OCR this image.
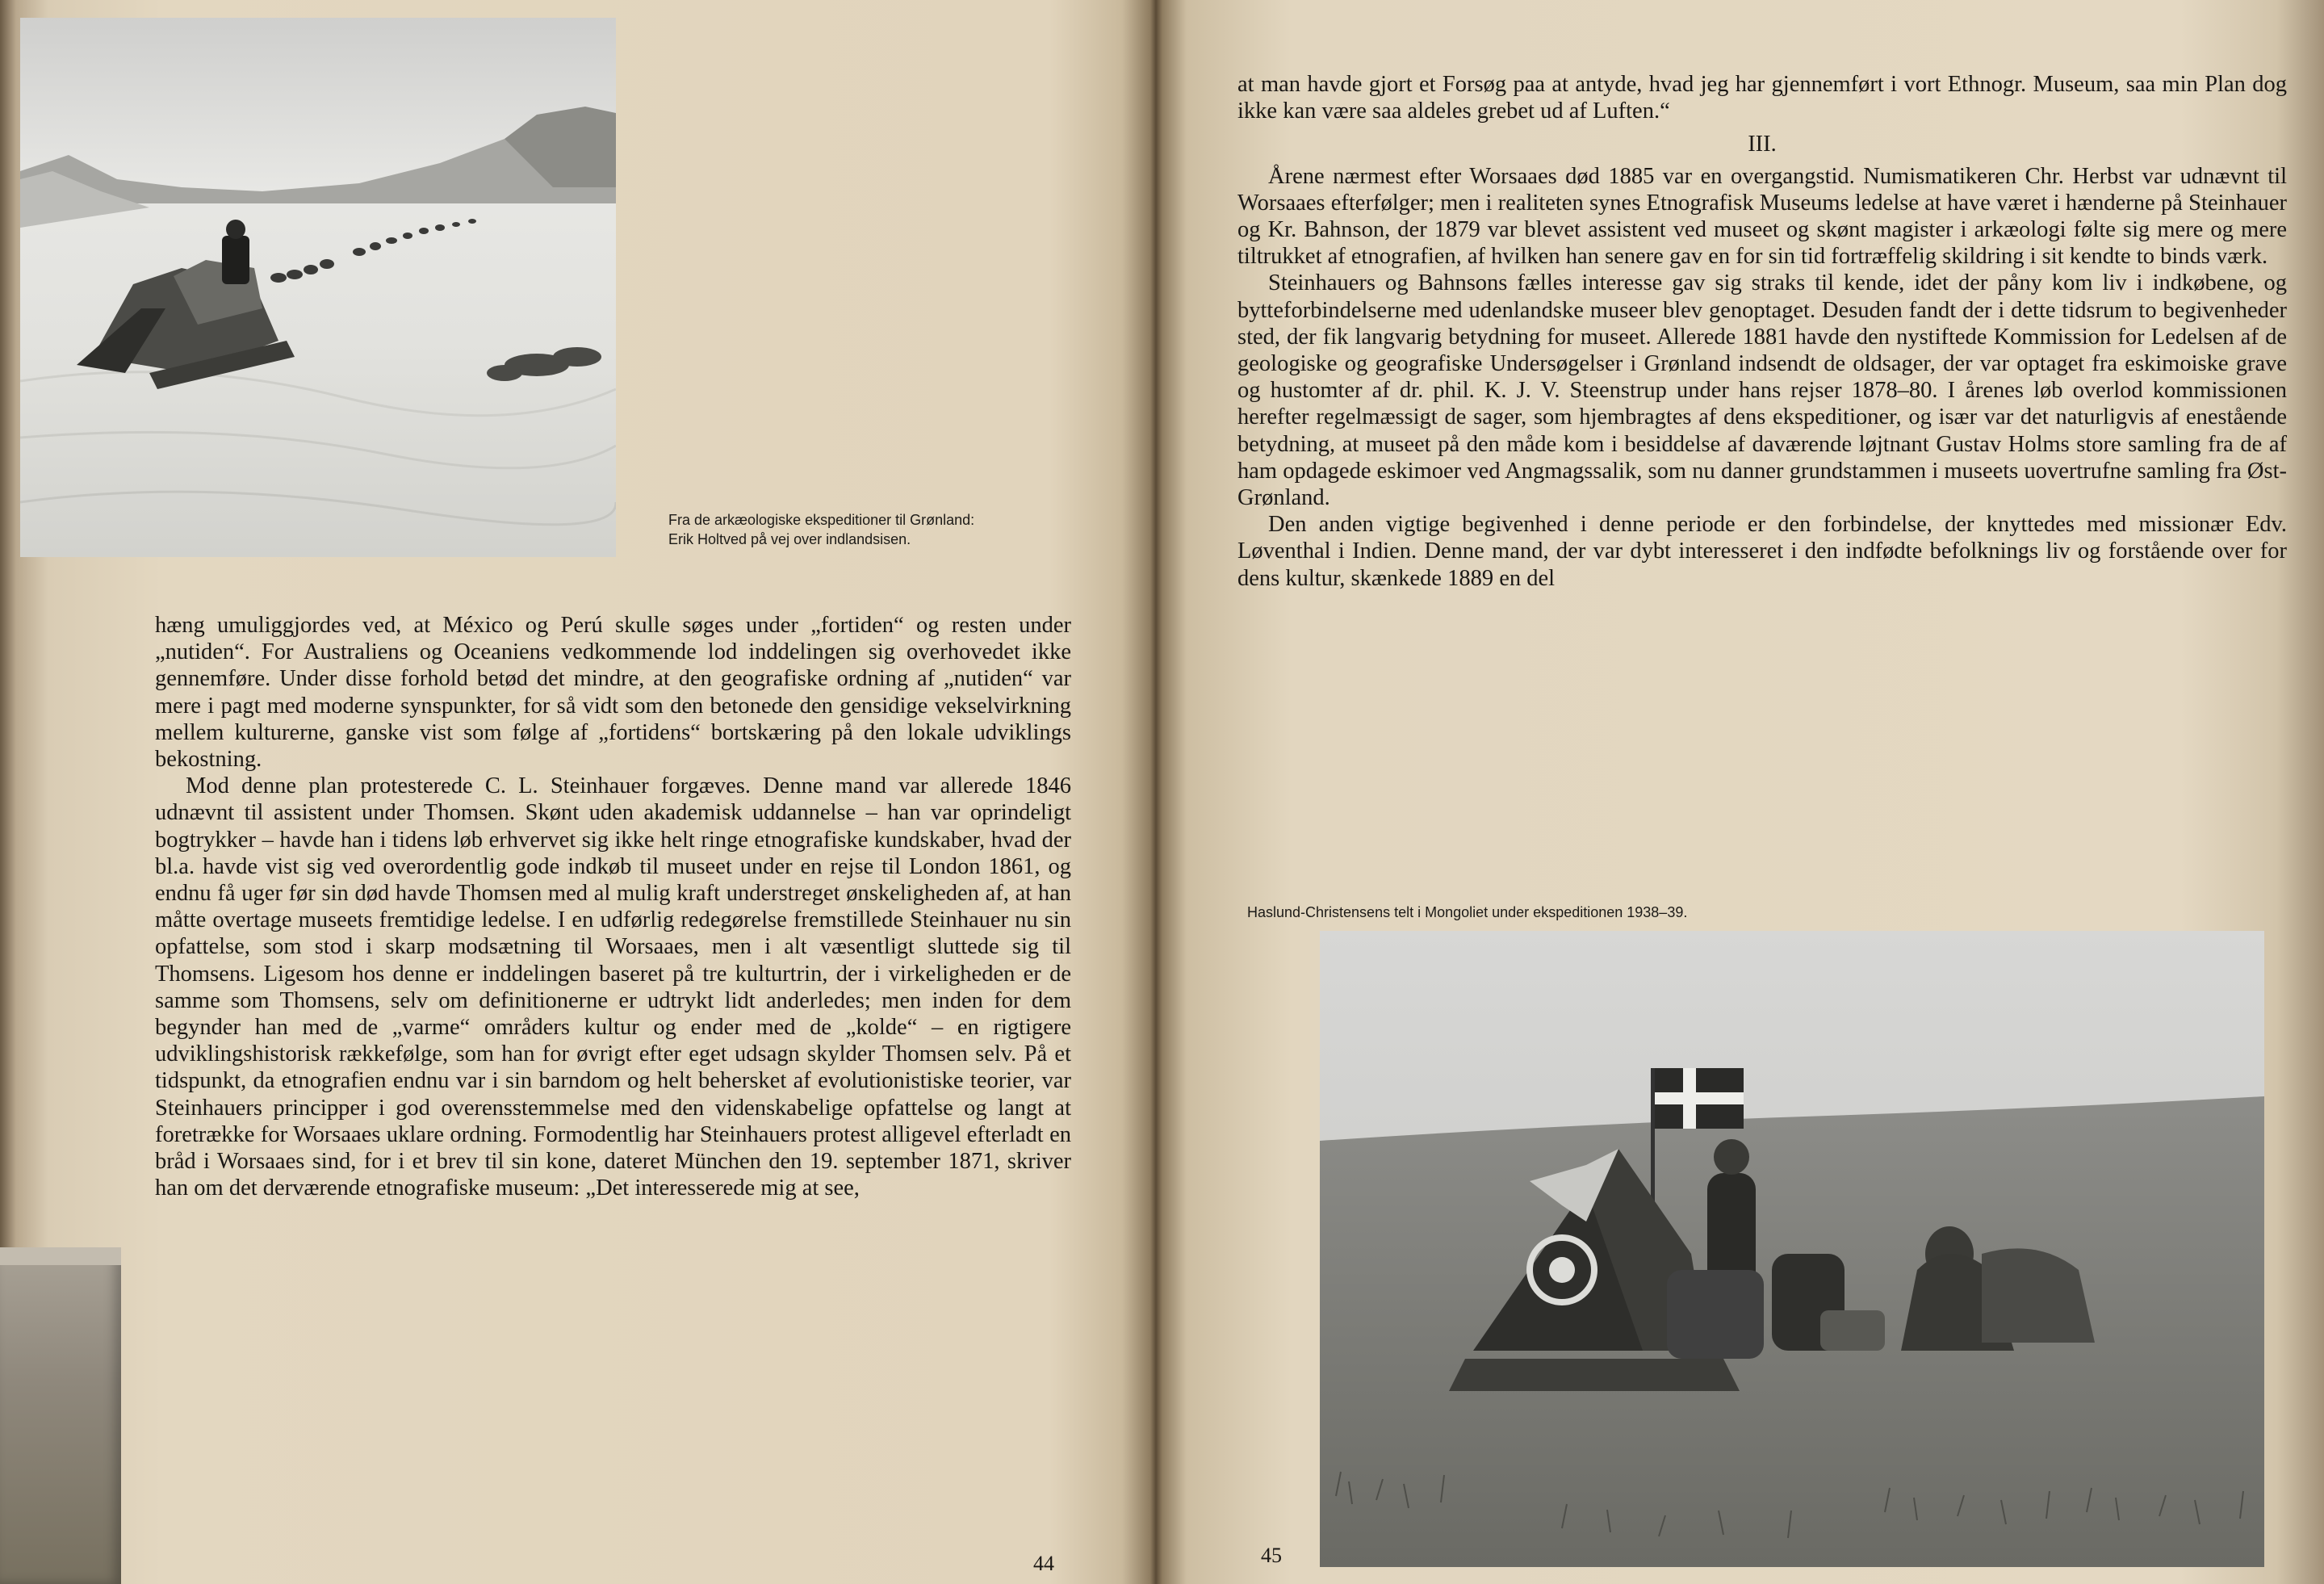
Fra de arkæologiske ekspeditioner til Grønland:
Erik Holtved på vej over indlandsisen.

hæng umuliggjordes ved, at México og Perú skulle søges under „fortiden“ og resten under „nutiden“. For Australiens og Oceaniens vedkommende lod inddelingen sig overhovedet ikke gennemføre. Under disse forhold betød det mindre, at den geografiske ordning af „nutiden“ var mere i pagt med moderne synspunkter, for så vidt som den betonede den gensidige vekselvirkning mellem kulturerne, ganske vist som følge af „fortidens“ bortskæring på den lokale udviklings bekostning.

Mod denne plan protesterede C. L. Steinhauer forgæves. Denne mand var allerede 1846 udnævnt til assistent under Thomsen. Skønt uden akademisk uddannelse – han var oprindeligt bogtrykker – havde han i tidens løb erhvervet sig ikke helt ringe etnografiske kundskaber, hvad der bl.a. havde vist sig ved overordentlig gode indkøb til museet under en rejse til London 1861, og endnu få uger før sin død havde Thomsen med al mulig kraft understreget ønskeligheden af, at han måtte overtage museets fremtidige ledelse. I en udførlig redegørelse fremstillede Steinhauer nu sin opfattelse, som stod i skarp modsætning til Worsaaes, men i alt væsentligt sluttede sig til Thomsens. Ligesom hos denne er inddelingen baseret på tre kulturtrin, der i virkeligheden er de samme som Thomsens, selv om definitionerne er udtrykt lidt anderledes; men inden for dem begynder han med de „varme“ områders kultur og ender med de „kolde“ – en rigtigere udviklingshistorisk rækkefølge, som han for øvrigt efter eget udsagn skylder Thomsen selv. På et tidspunkt, da etnografien endnu var i sin barndom og helt behersket af evolutionistiske teorier, var Steinhauers principper i god overensstemmelse med den videnskabelige opfattelse og langt at foretrække for Worsaaes uklare ordning. Formodentlig har Steinhauers protest alligevel efterladt en bråd i Worsaaes sind, for i et brev til sin kone, dateret München den 19. september 1871, skriver han om det derværende etnografiske museum: „Det interesserede mig at see,

44

at man havde gjort et Forsøg paa at antyde, hvad jeg har gjennemført i vort Ethnogr. Museum, saa min Plan dog ikke kan være saa aldeles grebet ud af Luften.“

III.

Årene nærmest efter Worsaaes død 1885 var en overgangstid. Numismatikeren Chr. Herbst var udnævnt til Worsaaes efterfølger; men i realiteten synes Etnografisk Museums ledelse at have været i hænderne på Steinhauer og Kr. Bahnson, der 1879 var blevet assistent ved museet og skønt magister i arkæologi følte sig mere og mere tiltrukket af etnografien, af hvilken han senere gav en for sin tid fortræffelig skildring i sit kendte to binds værk.

Steinhauers og Bahnsons fælles interesse gav sig straks til kende, idet der påny kom liv i indkøbene, og bytteforbindelserne med udenlandske museer blev genoptaget. Desuden fandt der i dette tidsrum to begivenheder sted, der fik langvarig betydning for museet. Allerede 1881 havde den nystiftede Kommission for Ledelsen af de geologiske og geografiske Undersøgelser i Grønland indsendt de oldsager, der var optaget fra eskimoiske grave og hustomter af dr. phil. K. J. V. Steenstrup under hans rejser 1878–80. I årenes løb overlod kommissionen herefter regelmæssigt de sager, som hjembragtes af dens ekspeditioner, og især var det naturligvis af enestående betydning, at museet på den måde kom i besiddelse af daværende løjtnant Gustav Holms store samling fra de af ham opdagede eskimoer ved Angmagssalik, som nu danner grundstammen i museets uovertrufne samling fra Øst-Grønland.

Den anden vigtige begivenhed i denne periode er den forbindelse, der knyttedes med missionær Edv. Løventhal i Indien. Denne mand, der var dybt interesseret i den indfødte befolknings liv og forstående over for dens kultur, skænkede 1889 en del

Haslund-Christensens telt i Mongoliet under ekspeditionen 1938–39.
45
